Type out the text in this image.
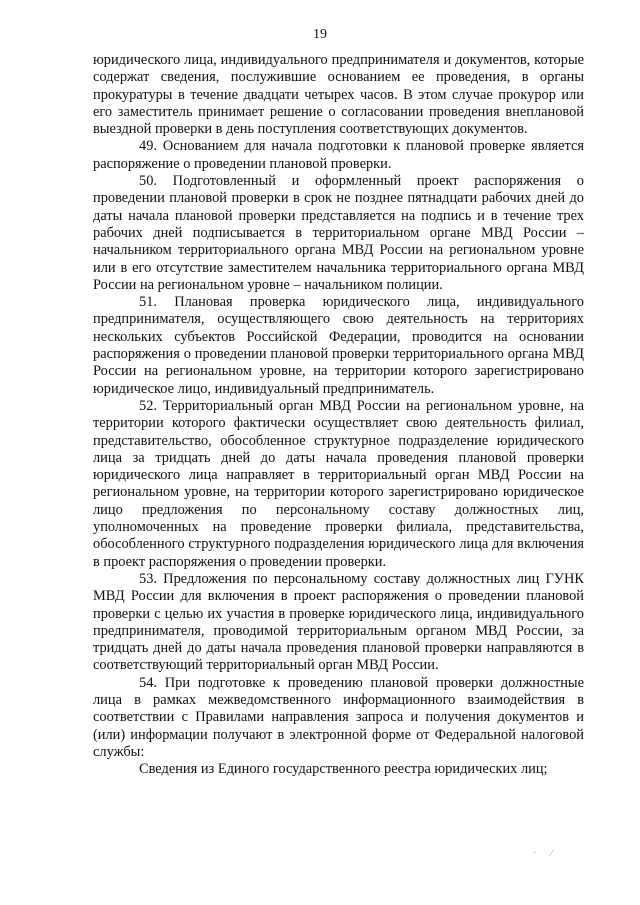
19

юридического лица, индивидуального предпринимателя и документов, которые содержат сведения, послужившие основанием ее проведения, в органы прокуратуры в течение двадцати четырех часов. В этом случае прокурор или его заместитель принимает решение о согласовании проведения внеплановой выездной проверки в день поступления соответствующих документов.

49. Основанием для начала подготовки к плановой проверке является распоряжение о проведении плановой проверки.

50. Подготовленный и оформленный проект распоряжения о проведении плановой проверки в срок не позднее пятнадцати рабочих дней до даты начала плановой проверки представляется на подпись и в течение трех рабочих дней подписывается в территориальном органе МВД России – начальником территориального органа МВД России на региональном уровне или в его отсутствие заместителем начальника территориального органа МВД России на региональном уровне – начальником полиции.

51. Плановая проверка юридического лица, индивидуального предпринимателя, осуществляющего свою деятельность на территориях нескольких субъектов Российской Федерации, проводится на основании распоряжения о проведении плановой проверки территориального органа МВД России на региональном уровне, на территории которого зарегистрировано юридическое лицо, индивидуальный предприниматель.

52. Территориальный орган МВД России на региональном уровне, на территории которого фактически осуществляет свою деятельность филиал, представительство, обособленное структурное подразделение юридического лица за тридцать дней до даты начала проведения плановой проверки юридического лица направляет в территориальный орган МВД России на региональном уровне, на территории которого зарегистрировано юридическое лицо предложения по персональному составу должностных лиц, уполномоченных на проведение проверки филиала, представительства, обособленного структурного подразделения юридического лица для включения в проект распоряжения о проведении проверки.

53. Предложения по персональному составу должностных лиц ГУНК МВД России для включения в проект распоряжения о проведении плановой проверки с целью их участия в проверке юридического лица, индивидуального предпринимателя, проводимой территориальным органом МВД России, за тридцать дней до даты начала проведения плановой проверки направляются в соответствующий территориальный орган МВД России.

54. При подготовке к проведению плановой проверки должностные лица в рамках межведомственного информационного взаимодействия в соответствии с Правилами направления запроса и получения документов и (или) информации получают в электронной форме от Федеральной налоговой службы:

Сведения из Единого государственного реестра юридических лиц;

· ⁄
